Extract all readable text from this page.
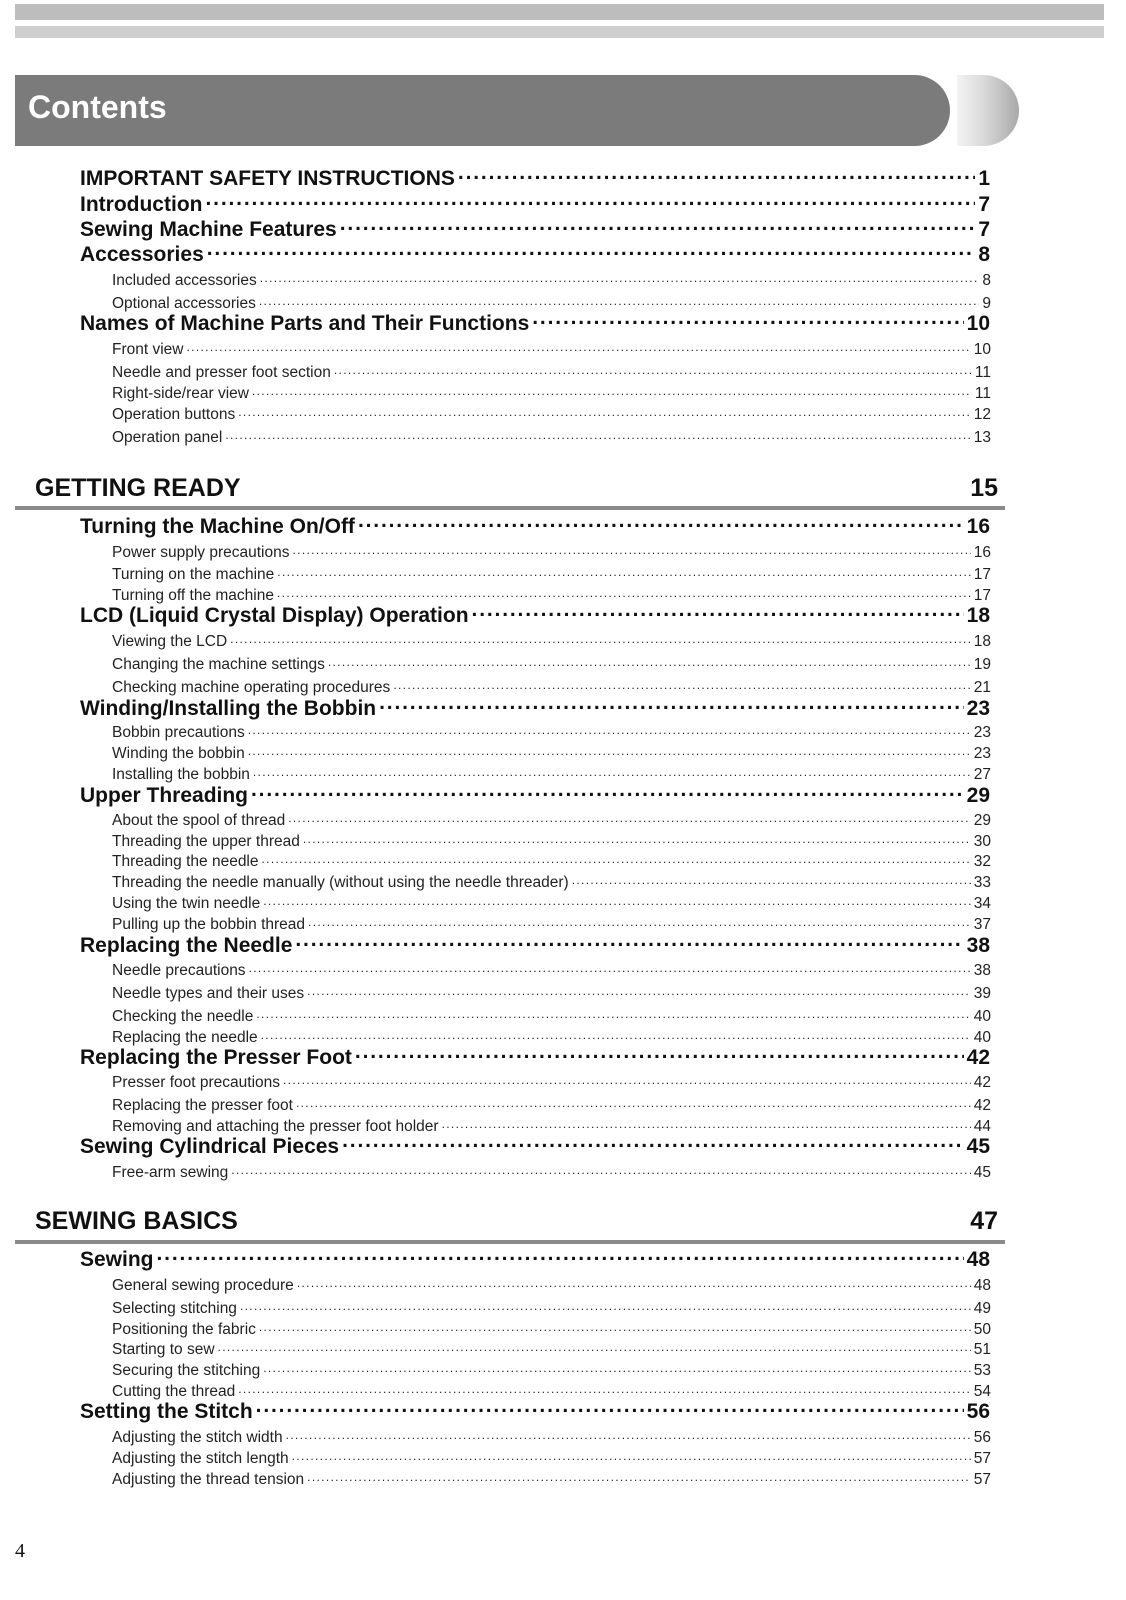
Contents
IMPORTANT SAFETY INSTRUCTIONS . . .	1
Introduction . . .	7
Sewing Machine Features . . .	7
Accessories . . .	8
Included accessories . . .	8
Optional accessories . . .	9
Names of Machine Parts and Their Functions . . .	10
Front view . . .	10
Needle and presser foot section . . .	11
Right-side/rear view . . .	11
Operation buttons . . .	12
Operation panel . . .	13
GETTING READY	15
Turning the Machine On/Off . . .	16
Power supply precautions . . .	16
Turning on the machine . . .	17
Turning off the machine . . .	17
LCD (Liquid Crystal Display) Operation . . .	18
Viewing the LCD . . .	18
Changing the machine settings . . .	19
Checking machine operating procedures . . .	21
Winding/Installing the Bobbin . . .	23
Bobbin precautions . . .	23
Winding the bobbin . . .	23
Installing the bobbin . . .	27
Upper Threading . . .	29
About the spool of thread . . .	29
Threading the upper thread . . .	30
Threading the needle . . .	32
Threading the needle manually (without using the needle threader) . . .	33
Using the twin needle . . .	34
Pulling up the bobbin thread . . .	37
Replacing the Needle . . .	38
Needle precautions . . .	38
Needle types and their uses . . .	39
Checking the needle . . .	40
Replacing the needle . . .	40
Replacing the Presser Foot . . .	42
Presser foot precautions . . .	42
Replacing the presser foot . . .	42
Removing and attaching the presser foot holder . . .	44
Sewing Cylindrical Pieces . . .	45
Free-arm sewing . . .	45
SEWING BASICS	47
Sewing . . .	48
General sewing procedure . . .	48
Selecting stitching . . .	49
Positioning the fabric . . .	50
Starting to sew . . .	51
Securing the stitching . . .	53
Cutting the thread . . .	54
Setting the Stitch . . .	56
Adjusting the stitch width . . .	56
Adjusting the stitch length . . .	57
Adjusting the thread tension . . .	57
4
